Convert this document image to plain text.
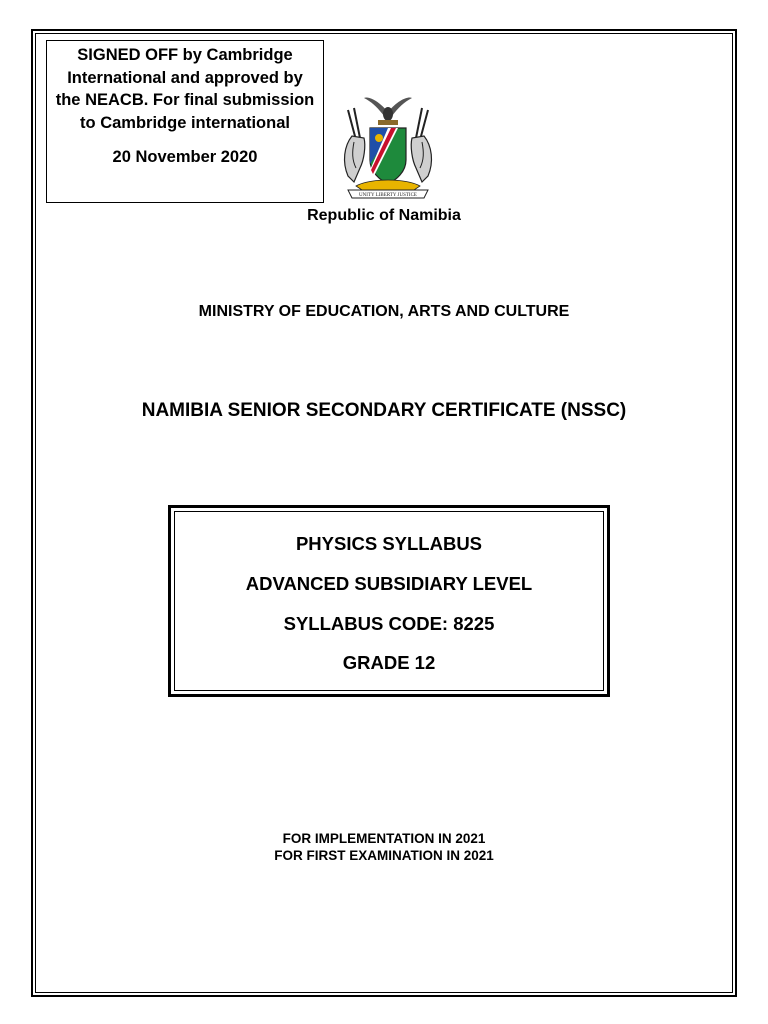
SIGNED OFF by Cambridge International and approved by the NEACB. For final submission to Cambridge international
20 November 2020
UNITY LIBERTY JUSTICE
Republic of Namibia
MINISTRY OF EDUCATION, ARTS AND CULTURE
NAMIBIA SENIOR SECONDARY CERTIFICATE (NSSC)
PHYSICS SYLLABUS
ADVANCED SUBSIDIARY LEVEL
SYLLABUS CODE: 8225
GRADE 12
FOR IMPLEMENTATION IN 2021
FOR FIRST EXAMINATION IN 2021
